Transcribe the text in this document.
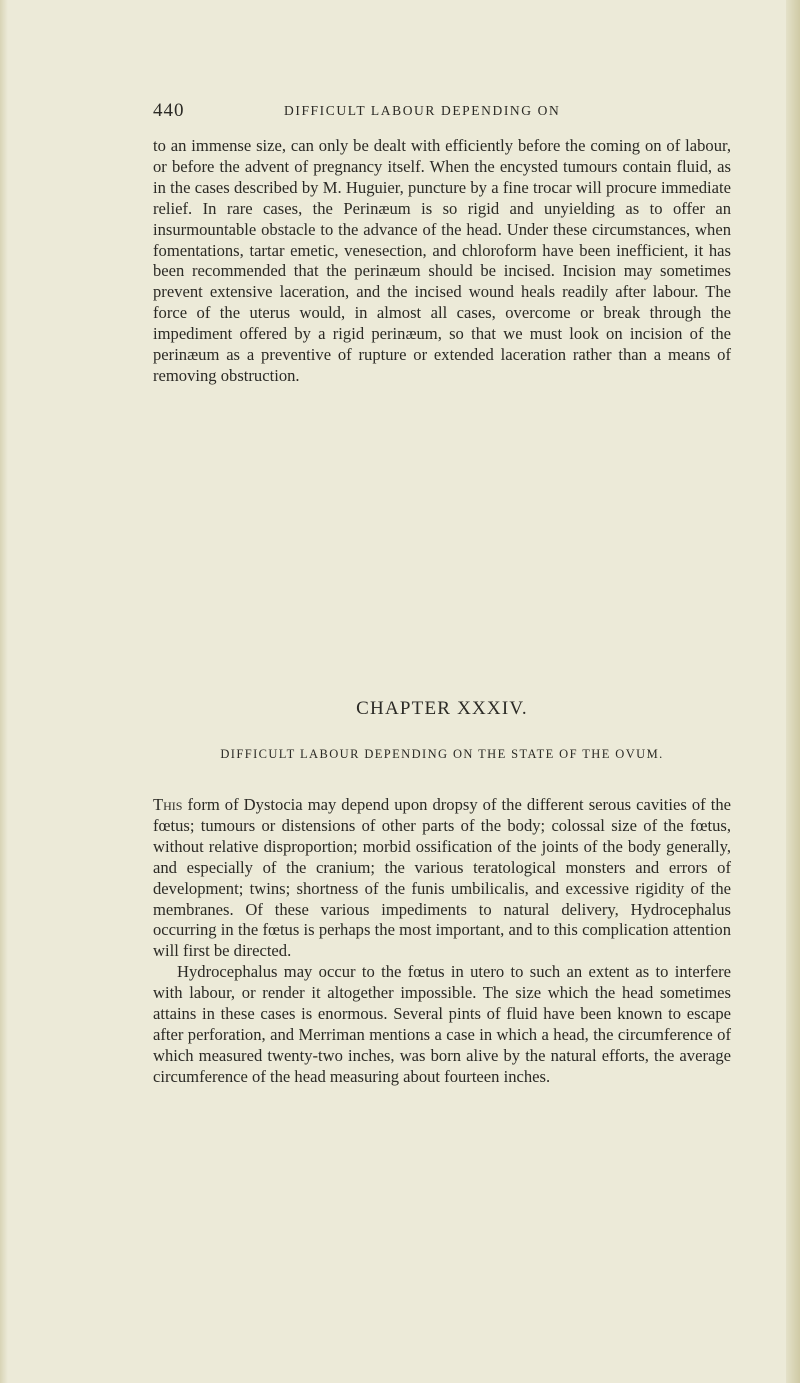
440	DIFFICULT LABOUR DEPENDING ON

to an immense size, can only be dealt with efficiently before the coming on of labour, or before the advent of pregnancy itself. When the encysted tumours contain fluid, as in the cases described by M. Huguier, puncture by a fine trocar will procure immediate relief. In rare cases, the Perinæum is so rigid and unyielding as to offer an insurmountable obstacle to the advance of the head. Under these circumstances, when fomentations, tartar emetic, venesection, and chloroform have been inefficient, it has been recommended that the perinæum should be incised. Incision may sometimes prevent extensive laceration, and the incised wound heals readily after labour. The force of the uterus would, in almost all cases, overcome or break through the impediment offered by a rigid perinæum, so that we must look on incision of the perinæum as a preventive of rupture or extended laceration rather than a means of removing obstruction.

CHAPTER XXXIV.
DIFFICULT LABOUR DEPENDING ON THE STATE OF THE OVUM.

This form of Dystocia may depend upon dropsy of the different serous cavities of the fœtus; tumours or distensions of other parts of the body; colossal size of the fœtus, without relative disproportion; morbid ossification of the joints of the body generally, and especially of the cranium; the various teratological monsters and errors of development; twins; shortness of the funis umbilicalis, and excessive rigidity of the membranes. Of these various impediments to natural delivery, Hydrocephalus occurring in the fœtus is perhaps the most important, and to this complication attention will first be directed.

Hydrocephalus may occur to the fœtus in utero to such an extent as to interfere with labour, or render it altogether impossible. The size which the head sometimes attains in these cases is enormous. Several pints of fluid have been known to escape after perforation, and Merriman mentions a case in which a head, the circumference of which measured twenty-two inches, was born alive by the natural efforts, the average circumference of the head measuring about fourteen inches.
